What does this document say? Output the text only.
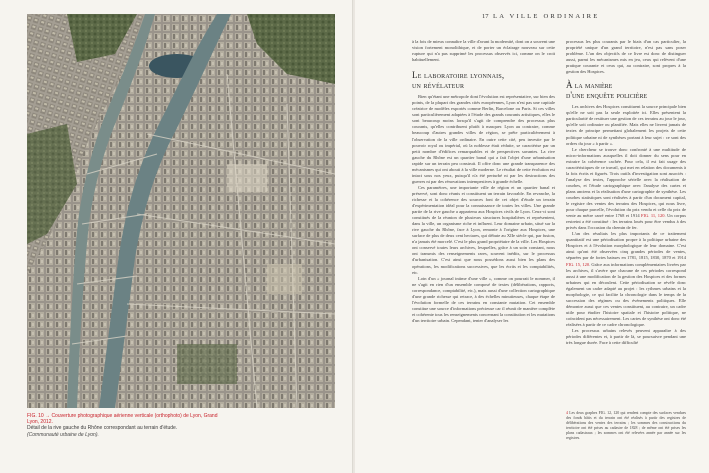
FIG. 10 → Couverture photographique aérienne verticale (orthophoto) de Lyon, Grand Lyon, 2012.
Détail de la rive gauche du Rhône correspondant au terrain d'étude.
(Communauté urbaine de Lyon).
17 LA VILLE ORDINAIRE

à la fois de mieux connaître la ville d'avant la modernité, dont on a souvent une vision fortement monolithique, et de porter un éclairage nouveau sur cette rupture qui n'a pas supprimé les processus observés ici, comme on le croit habituellement.

Le laboratoire lyonnais,
un révélateur

Bien qu'étant une métropole dont l'évolution est représentative, sur bien des points, de la plupart des grandes cités européennes, Lyon n'est pas une capitale créatrice de modèles exportés comme Berlin, Barcelone ou Paris. Si ces villes sont particulièrement adaptées à l'étude des grands courants artistiques, elles le sont beaucoup moins lorsqu'il s'agit de comprendre des processus plus courants, qu'elles contribuent plutôt à masquer. Lyon au contraire, comme beaucoup d'autres grandes villes de région, se prête particulièrement à l'observation de la ville ordinaire. En outre cette cité, peu investie par le pouvoir royal ou impérial, où la noblesse était réduite, se caractérise par un petit nombre d'édifices remarquables et de perspectives savantes. La rive gauche du Rhône est un quartier banal qui a fait l'objet d'une urbanisation rapide sur un terrain peu construit. Il offre donc une grande transparence des mécanismes qui ont abouti à la ville moderne. Le résultat de cette évolution est intact sous nos yeux, puisqu'il n'a été perturbé ni par les destructions des guerres ni par des rénovations intempestives à grande échelle.

Ces paramètres, une importante ville de région et un quartier banal et préservé, sont donc réunis et constituent un terrain favorable. En revanche, la richesse et la cohérence des sources font de cet objet d'étude un terrain d'expérimentation idéal pour la connaissance de toutes les villes. Une grande partie de la rive gauche a appartenu aux Hospices civils de Lyon. Ceux-ci sont constitués de la réunion de plusieurs structures hospitalières et représentent, dans la ville, un organisme riche et influent. Leur domaine urbain, situé sur la rive gauche du Rhône, face à Lyon, remonte à l'origine aux Hospices, une surface de plus de deux cent hectares, qui débute au XIIe siècle qui, par fusion, n'a jamais été morcelé. C'est le plus grand propriétaire de la ville. Les Hospices ont conservé toutes leurs archives, lesquelles, grâce à un soin constant, nous ont transmis des renseignements rares, souvent inédits, sur le processus d'urbanisation. C'est ainsi que nous possédons aussi bien les plans des opérations, les modifications successives, que les écrits et les comptabilités, etc.

Loin d'un « journal intime d'une ville », comme on pourrait le nommer, il ne s'agit en rien d'un ensemble composé de textes (délibérations, rapports, correspondance, comptabilité, etc.), mais aussi d'une collection cartographique d'une grande richesse qui retrace, à des échelles minutieuses, chaque étape de l'évolution formelle de ces terrains en constante mutation. Cet ensemble constitue une source d'informations précieuse car il réunit de manière complète et cohérente tous les renseignements concernant la constitution et les mutations d'un territoire urbain. Cependant, tenter d'analyser les

processus les plus courants par le biais d'un cas particulier, la propriété unique d'un grand territoire, n'est pas sans poser problème. L'un des objectifs de ce livre est donc de distinguer aussi, parmi les mécanismes mis en jeu, ceux qui relèvent d'une pratique courante et ceux qui, au contraire, sont propres à la gestion des Hospices.

À la manière
d'une enquête policière

Les archives des Hospices constituent la source principale bien qu'elle ne soit pas la seule exploitée ici. Elles présentent la particularité de restituer une gestion de ces terrains au jour le jour, qu'elle soit ordinaire ou planifiée. Mais elles ne livrent jamais de textes de principe permettant globalement les projets de cette politique urbaine ni de synthèses portant à leur sujet : ce sont des ordres du jour « à partir ».

Le chercheur se trouve donc confronté à une multitude de micro-informations auxquelles il doit donner du sens pour en extraire la cohérence cachée. Pour cela, il est fait usage des caractéristiques de ce travail, qui met en relation des documents à la fois écrits et figurés. Trois outils d'investigation sont associés : l'analyse des textes, l'approche sérielle avec la réalisation de courbes, et l'étude cartographique avec l'analyse des cartes et plans anciens et la réalisation d'une cartographie de synthèse. Les courbes statistiques sont réalisées à partir d'un document capital, le registre des ventes des terrains des Hospices, qui nous livre, pour chaque parcelle, l'évolution du prix vendu et celle du prix de vente au mètre carré entre 1768 et 1914 FIG. 11, 120. Un corpus restreint a été constitué : les terrains loués pour être vendus à des privés dans l'occasion du chemin de fer.

L'un des résultats les plus importants de ce traitement quantitatif est une périodisation propre à la politique urbaine des Hospices et à l'évolution morphologique de leur domaine. C'est ainsi qu'ont été observées cinq grandes périodes de ventes, séparées par de fortes baisses en 1781, 1815, 1830, 1870 et 1914 FIG. 15, 120. Grâce aux informations complémentaires livrées par les archives, il s'avère que chacune de ces périodes correspond aussi à une modification de la gestion des Hospices et des formes urbaines qui en découlent. Cette périodisation se révèle donc également un cadre adapté au projet : les rythmes urbains et la morphologie, ce qui facilite la chronologie dans le temps de la succession des régimes ou des événements politiques. Elle démontre aussi que ces ventes constituent, au contraire, un cadre utile pour étudier l'histoire spatiale et l'histoire politique, ne coïncident pas nécessairement. Les cartes de synthèse ont donc été réalisées à partir de ce cadre chronologique.

Les processus urbains relevés peuvent apparaître à des périodes différentes et, à partir de là, se poursuivre pendant une très longue durée. Face à cette difficulté

4 Les deux graphes FIG. 12, 120 qui rendent compte des surfaces vendues des fonds bâtis et du terrain ont été réalisés à partir des registres de délibérations des ventes des terrains ; les sommes des constructions du territoire ont été prises au cadastre de 1828 ; de même ont été prises les plans cadastraux ; les sommes ont été relevées année par année sur les registres.
